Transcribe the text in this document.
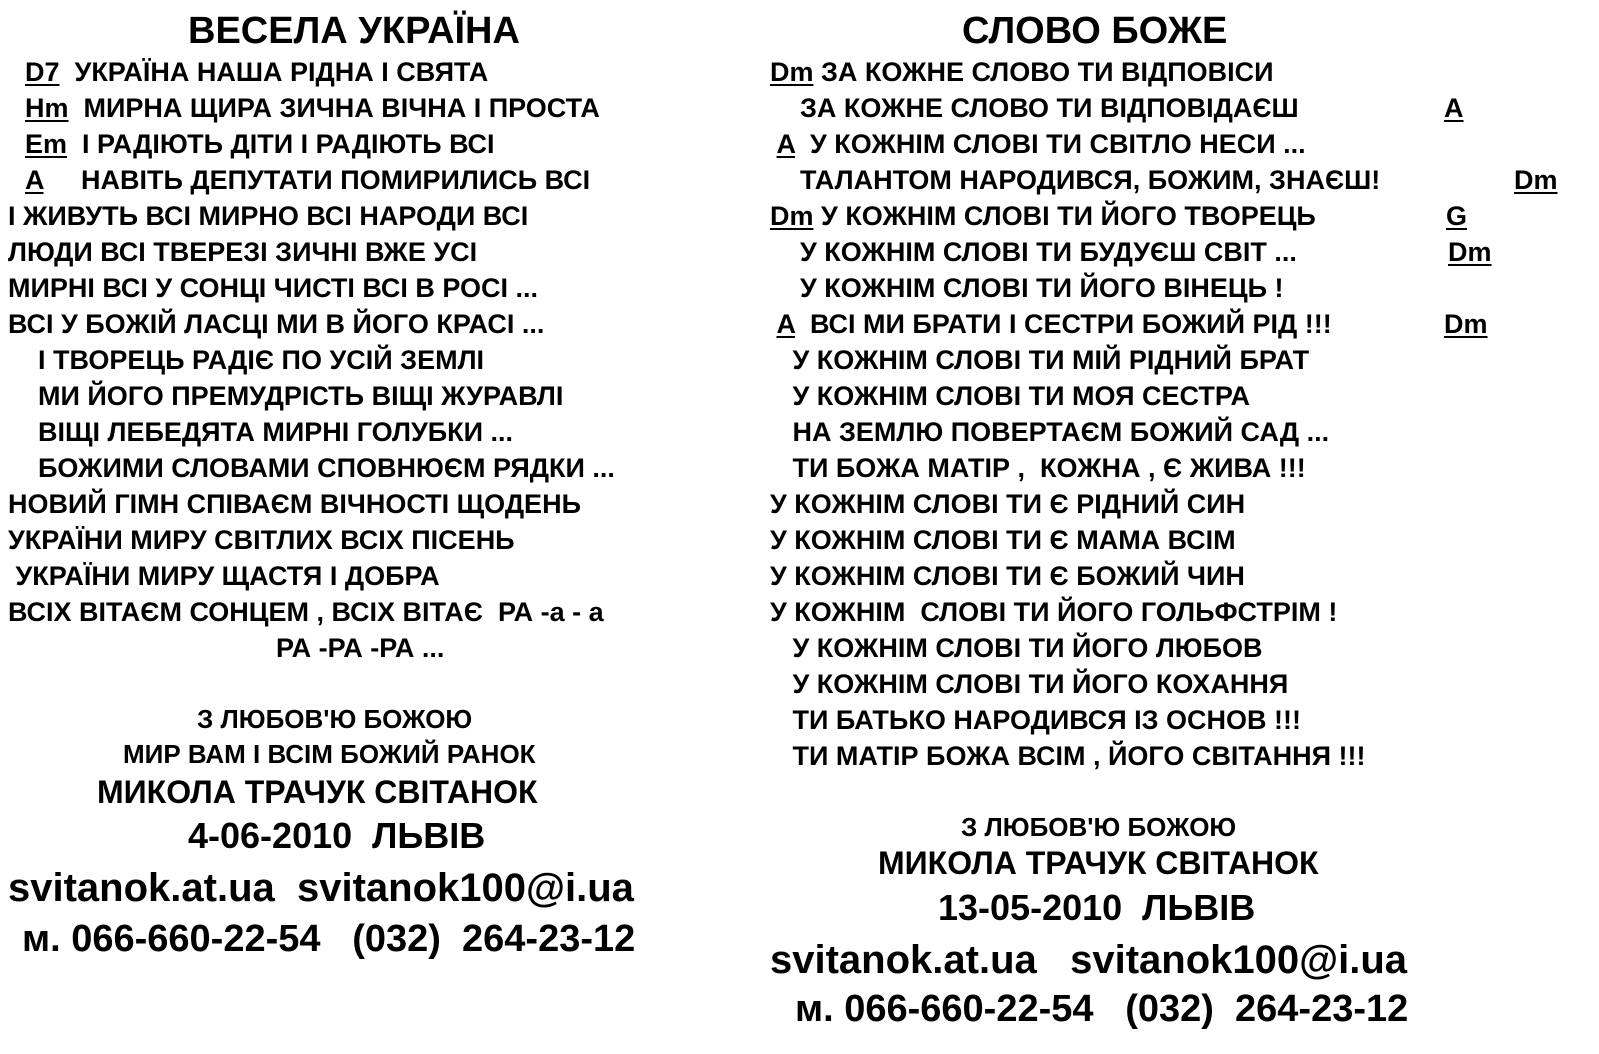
ВЕСЕЛА УКРАЇНА
D7  УКРАЇНА НАША РІДНА І СВЯТА
Hm  МИРНА ЩИРА ЗИЧНА ВІЧНА І ПРОСТА
Em  І РАДІЮТЬ ДІТИ І РАДІЮТЬ ВСІ
A     НАВІТЬ ДЕПУТАТИ ПОМИРИЛИСЬ ВСІ
І ЖИВУТЬ ВСІ МИРНО ВСІ НАРОДИ ВСІ
ЛЮДИ ВСІ ТВЕРЕЗІ ЗИЧНІ ВЖЕ УСІ
МИРНІ ВСІ У СОНЦІ ЧИСТІ ВСІ В РОСІ ...
ВСІ У БОЖІЙ ЛАСЦІ МИ В ЙОГО КРАСІ ...
І ТВОРЕЦЬ РАДІЄ ПО УСІЙ ЗЕМЛІ
МИ ЙОГО ПРЕМУДРІСТЬ ВІЩІ ЖУРАВЛІ
ВІЩІ ЛЕБЕДЯТА МИРНІ ГОЛУБКИ ...
БОЖИМИ СЛОВАМИ СПОВНЮЄМ РЯДКИ ...
НОВИЙ ГІМН СПІВАЄМ ВІЧНОСТІ ЩОДЕНЬ
УКРАЇНИ МИРУ СВІТЛИХ ВСІХ ПІСЕНЬ
УКРАЇНИ МИРУ ЩАСТЯ І ДОБРА
ВСІХ ВІТАЄМ СОНЦЕМ , ВСІХ ВІТАЄ  РА -а - а
РА -РА -РА ...
З ЛЮБОВ'Ю БОЖОЮ
МИР ВАМ І ВСІМ БОЖИЙ РАНОК
МИКОЛА ТРАЧУК СВІТАНОК
4-06-2010  ЛЬВІВ
svitanok.at.ua  svitanok100@i.ua
м. 066-660-22-54   (032)  264-23-12
СЛОВО БОЖЕ
Dm ЗА КОЖНЕ СЛОВО ТИ ВІДПОВІСИ
ЗА КОЖНЕ СЛОВО ТИ ВІДПОВІДАЄШ	A
A  У КОЖНІМ СЛОВІ ТИ СВІТЛО НЕСИ ...
ТАЛАНТОМ НАРОДИВСЯ, БОЖИМ, ЗНАЄШ!	Dm
Dm У КОЖНІМ СЛОВІ ТИ ЙОГО ТВОРЕЦЬ	G
У КОЖНІМ СЛОВІ ТИ БУДУЄШ СВІТ ...	Dm
У КОЖНІМ СЛОВІ ТИ ЙОГО ВІНЕЦЬ !
A  ВСІ МИ БРАТИ І СЕСТРИ БОЖИЙ РІД !!!	Dm
У КОЖНІМ СЛОВІ ТИ МІЙ РІДНИЙ БРАТ
У КОЖНІМ СЛОВІ ТИ МОЯ СЕСТРА
НА ЗЕМЛЮ ПОВЕРТАЄМ БОЖИЙ САД ...
ТИ БОЖА МАТІР ,  КОЖНА , Є ЖИВА !!!
У КОЖНІМ СЛОВІ ТИ Є РІДНИЙ СИН
У КОЖНІМ СЛОВІ ТИ Є МАМА ВСІМ
У КОЖНІМ СЛОВІ ТИ Є БОЖИЙ ЧИН
У КОЖНІМ  СЛОВІ ТИ ЙОГО ГОЛЬФСТРІМ !
У КОЖНІМ СЛОВІ ТИ ЙОГО ЛЮБОВ
У КОЖНІМ СЛОВІ ТИ ЙОГО КОХАННЯ
ТИ БАТЬКО НАРОДИВСЯ ІЗ ОСНОВ !!!
ТИ МАТІР БОЖА ВСІМ , ЙОГО СВІТАННЯ !!!
З ЛЮБОВ'Ю БОЖОЮ
МИКОЛА ТРАЧУК СВІТАНОК
13-05-2010  ЛЬВІВ
svitanok.at.ua   svitanok100@i.ua
м. 066-660-22-54   (032)  264-23-12
